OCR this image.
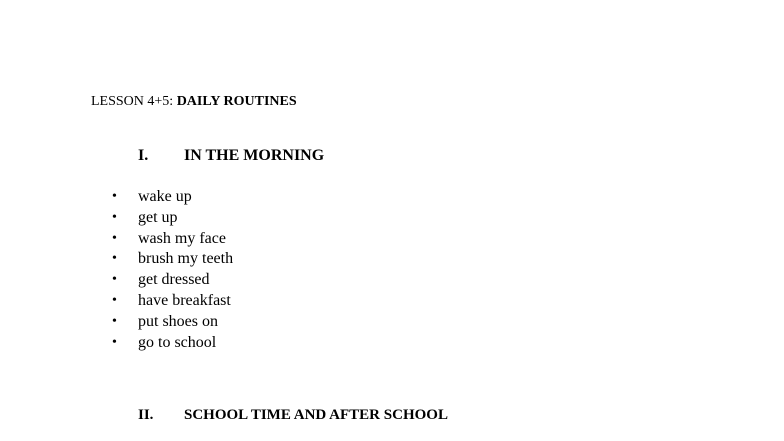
LESSON 4+5: DAILY ROUTINES
I. IN THE MORNING
•	wake up
•	get up
•	wash my face
•	brush my teeth
•	get dressed
•	have breakfast
•	put shoes on
•	go to school
II. SCHOOL TIME AND AFTER SCHOOL
